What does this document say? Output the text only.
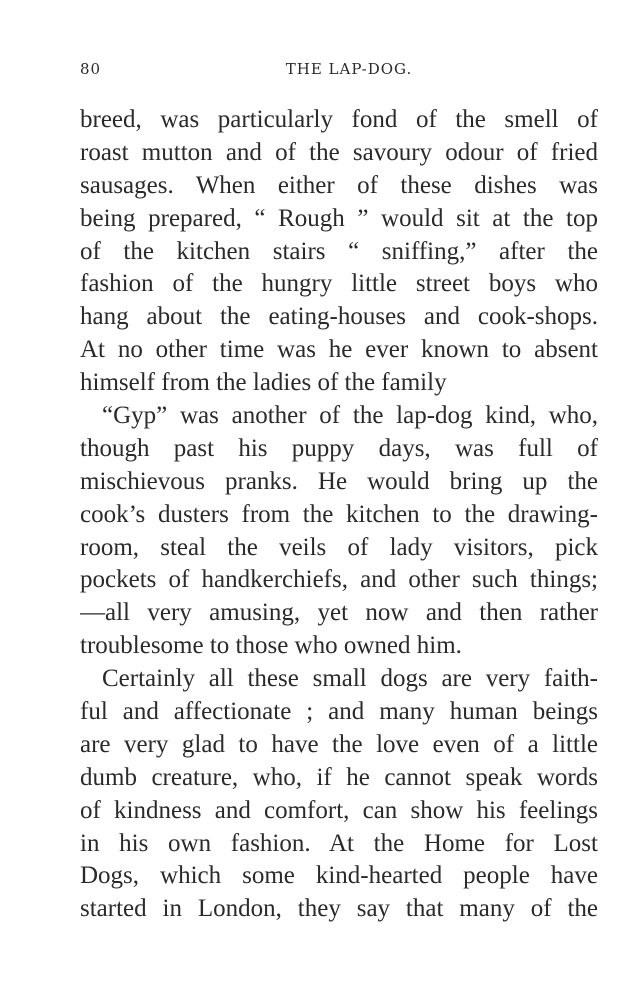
80	THE LAP-DOG.
breed, was particularly fond of the smell of
roast mutton and of the savoury odour of fried
sausages. When either of these dishes was
being prepared, “ Rough ” would sit at the top
of the kitchen stairs “ sniffing,” after the
fashion of the hungry little street boys who
hang about the eating-houses and cook-shops.
At no other time was he ever known to absent
himself from the ladies of the family
“Gyp” was another of the lap-dog kind, who,
though past his puppy days, was full of
mischievous pranks. He would bring up the
cook’s dusters from the kitchen to the drawing-
room, steal the veils of lady visitors, pick
pockets of handkerchiefs, and other such things;
—all very amusing, yet now and then rather
troublesome to those who owned him.
Certainly all these small dogs are very faith-
ful and affectionate ; and many human beings
are very glad to have the love even of a little
dumb creature, who, if he cannot speak words
of kindness and comfort, can show his feelings
in his own fashion. At the Home for Lost
Dogs, which some kind-hearted people have
started in London, they say that many of the
